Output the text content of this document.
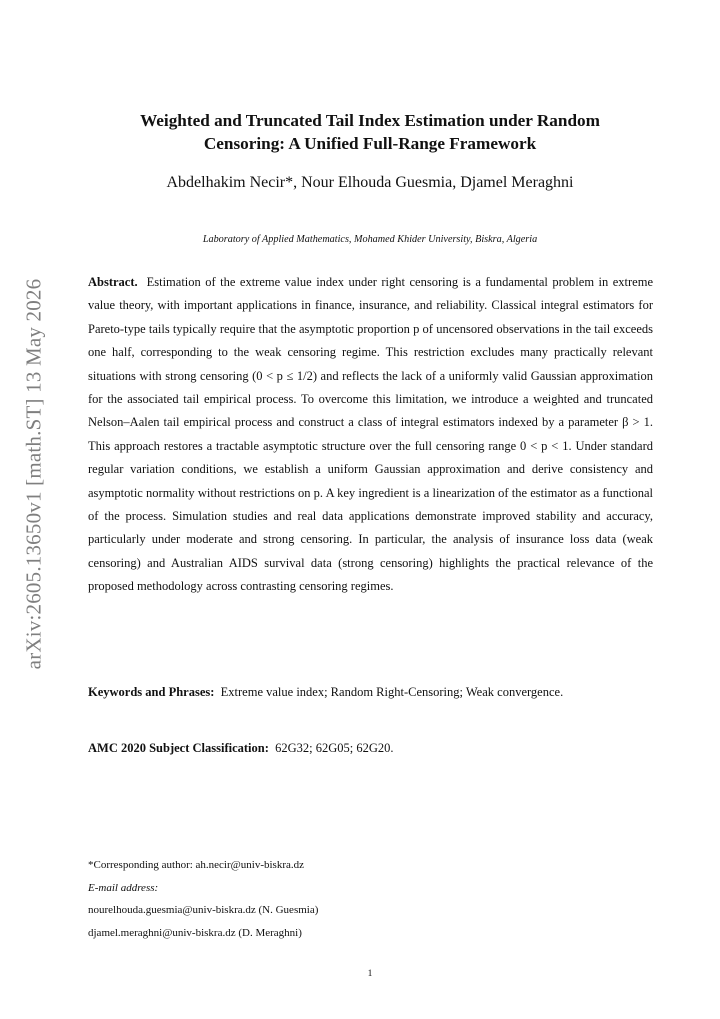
arXiv:2605.13650v1 [math.ST] 13 May 2026
Weighted and Truncated Tail Index Estimation under Random
Censoring: A Unified Full-Range Framework
Abdelhakim Necir*, Nour Elhouda Guesmia, Djamel Meraghni
Laboratory of Applied Mathematics, Mohamed Khider University, Biskra, Algeria

Abstract. Estimation of the extreme value index under right censoring is a fundamental problem in extreme value theory, with important applications in finance, insurance, and reliability. Classical integral estimators for Pareto-type tails typically require that the asymptotic proportion p of uncensored observations in the tail exceeds one half, corresponding to the weak censoring regime. This restriction excludes many practically relevant situations with strong censoring (0 < p ≤ 1/2) and reflects the lack of a uniformly valid Gaussian approximation for the associated tail empirical process. To overcome this limitation, we introduce a weighted and truncated Nelson–Aalen tail empirical process and construct a class of integral estimators indexed by a parameter β > 1. This approach restores a tractable asymptotic structure over the full censoring range 0 < p < 1. Under standard regular variation conditions, we establish a uniform Gaussian approximation and derive consistency and asymptotic normality without restrictions on p. A key ingredient is a linearization of the estimator as a functional of the process. Simulation studies and real data applications demonstrate improved stability and accuracy, particularly under moderate and strong censoring. In particular, the analysis of insurance loss data (weak censoring) and Australian AIDS survival data (strong censoring) highlights the practical relevance of the proposed methodology across contrasting censoring regimes.

Keywords and Phrases: Extreme value index; Random Right-Censoring; Weak convergence.

AMC 2020 Subject Classification: 62G32; 62G05; 62G20.

*Corresponding author: ah.necir@univ-biskra.dz
E-mail address:
nourelhouda.guesmia@univ-biskra.dz (N. Guesmia)
djamel.meraghni@univ-biskra.dz (D. Meraghni)
1
